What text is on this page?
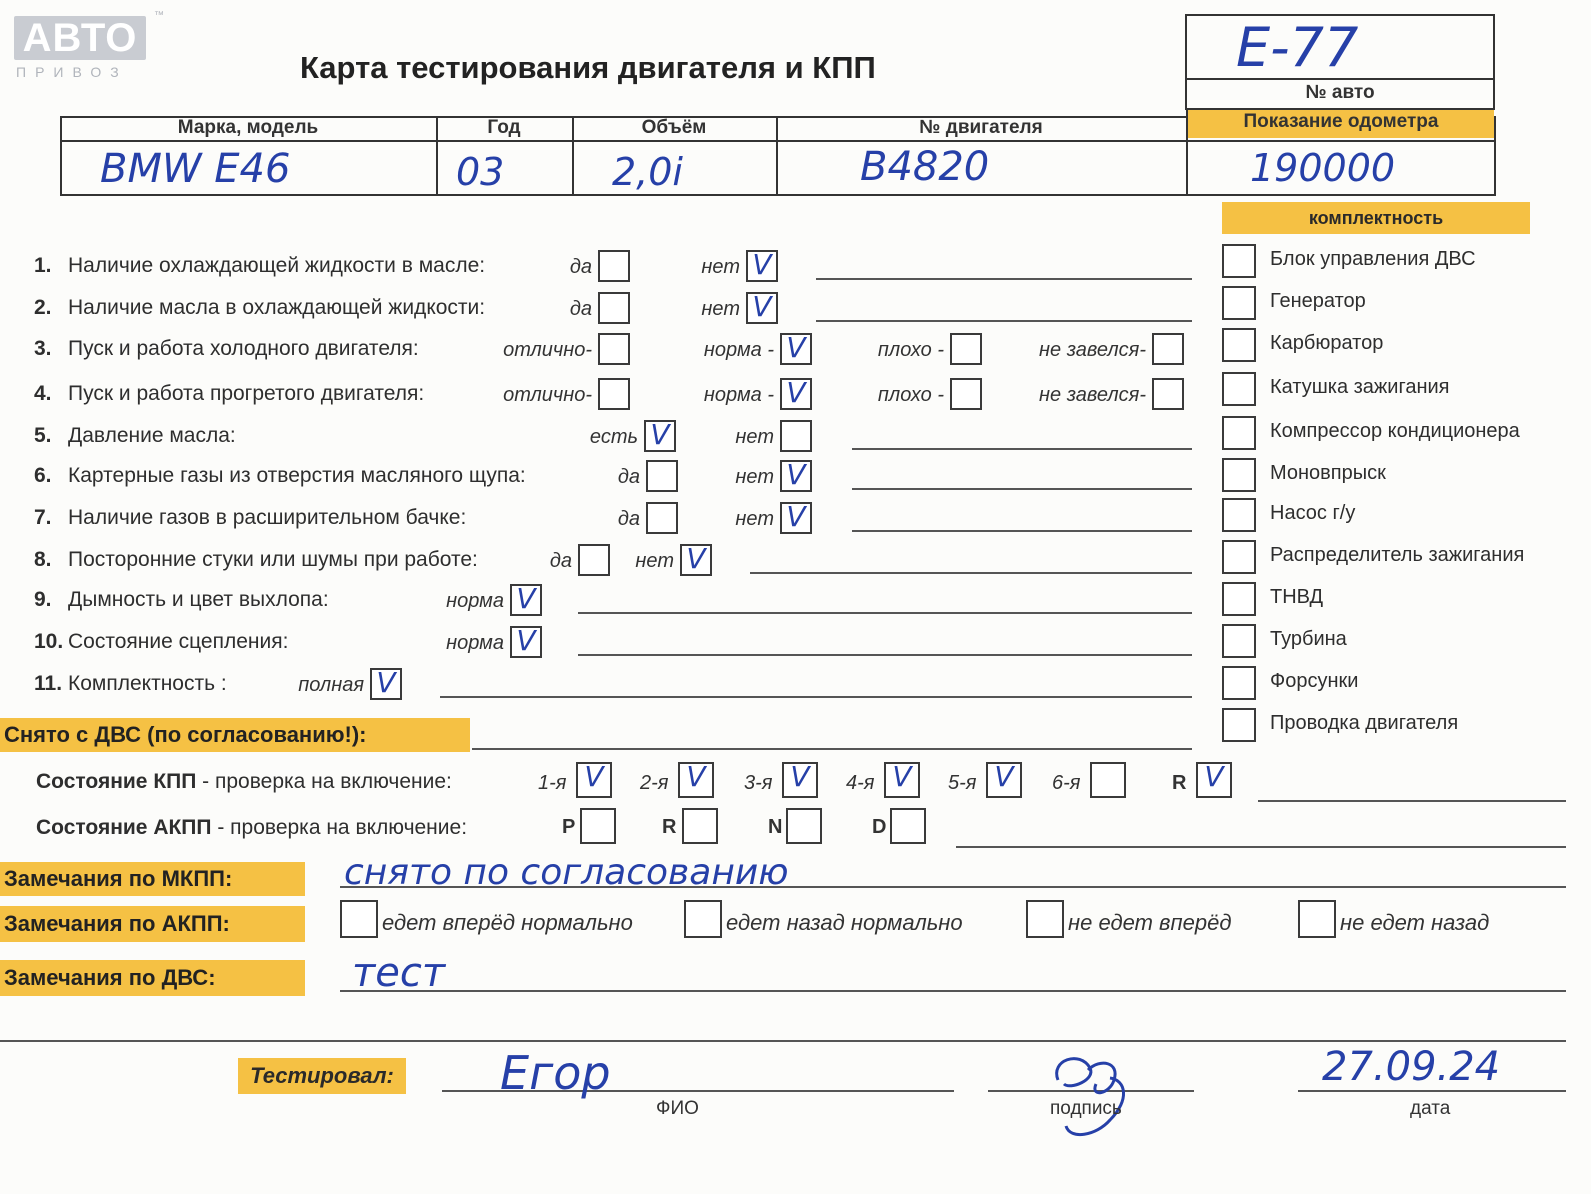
АВТО
ПРИВОЗ
™
Карта тестирования двигателя и КПП	E-77
№ авто
Марка, модель	Год	Объём	№ двигателя	Показание одометра
BMW E46	03	2,0i	B4820	190000
комплектность
Снято с ДВС (по согласованию!):
Состояние КПП - проверка на включение:
Состояние АКПП - проверка на включение:
Замечания по МКПП:	снято по согласованию
Замечания по АКПП:
Замечания по ДВС:	тест
Тестировал: Егор
ФИО	подпись
27.09.24
дата
1. Наличие охлаждающей жидкости в масле:	да	нет V
2. Наличие масла в охлаждающей жидкости:	да	нет V
3. Пуск и работа холодного двигателя:	отлично-	норма - V	плохо -	не завелся-
4. Пуск и работа прогретого двигателя:	отлично-	норма - V	плохо -	не завелся-
5. Давление масла:	есть V	нет
6. Картерные газы из отверстия масляного щупа:	да	нет V
7. Наличие газов в расширительном бачке:	да	нет V
8. Посторонние стуки или шумы при работе:	да	нет V
9. Дымность и цвет выхлопа:	норма V
10. Состояние сцепления:	норма V
11. Комплектность :	полная V
Блок управления ДВС
Генератор
Карбюратор
Катушка зажигания
Компрессор кондиционера
Моновпрыск
Насос г/у
Распределитель зажигания
ТНВД
Турбина
Форсунки
Проводка двигателя
1-я V	2-я V	3-я V	4-я V	5-я V	6-я	R V
P	R	N	D
едет вперёд нормально	едет назад нормально	не едет вперёд	не едет назад
